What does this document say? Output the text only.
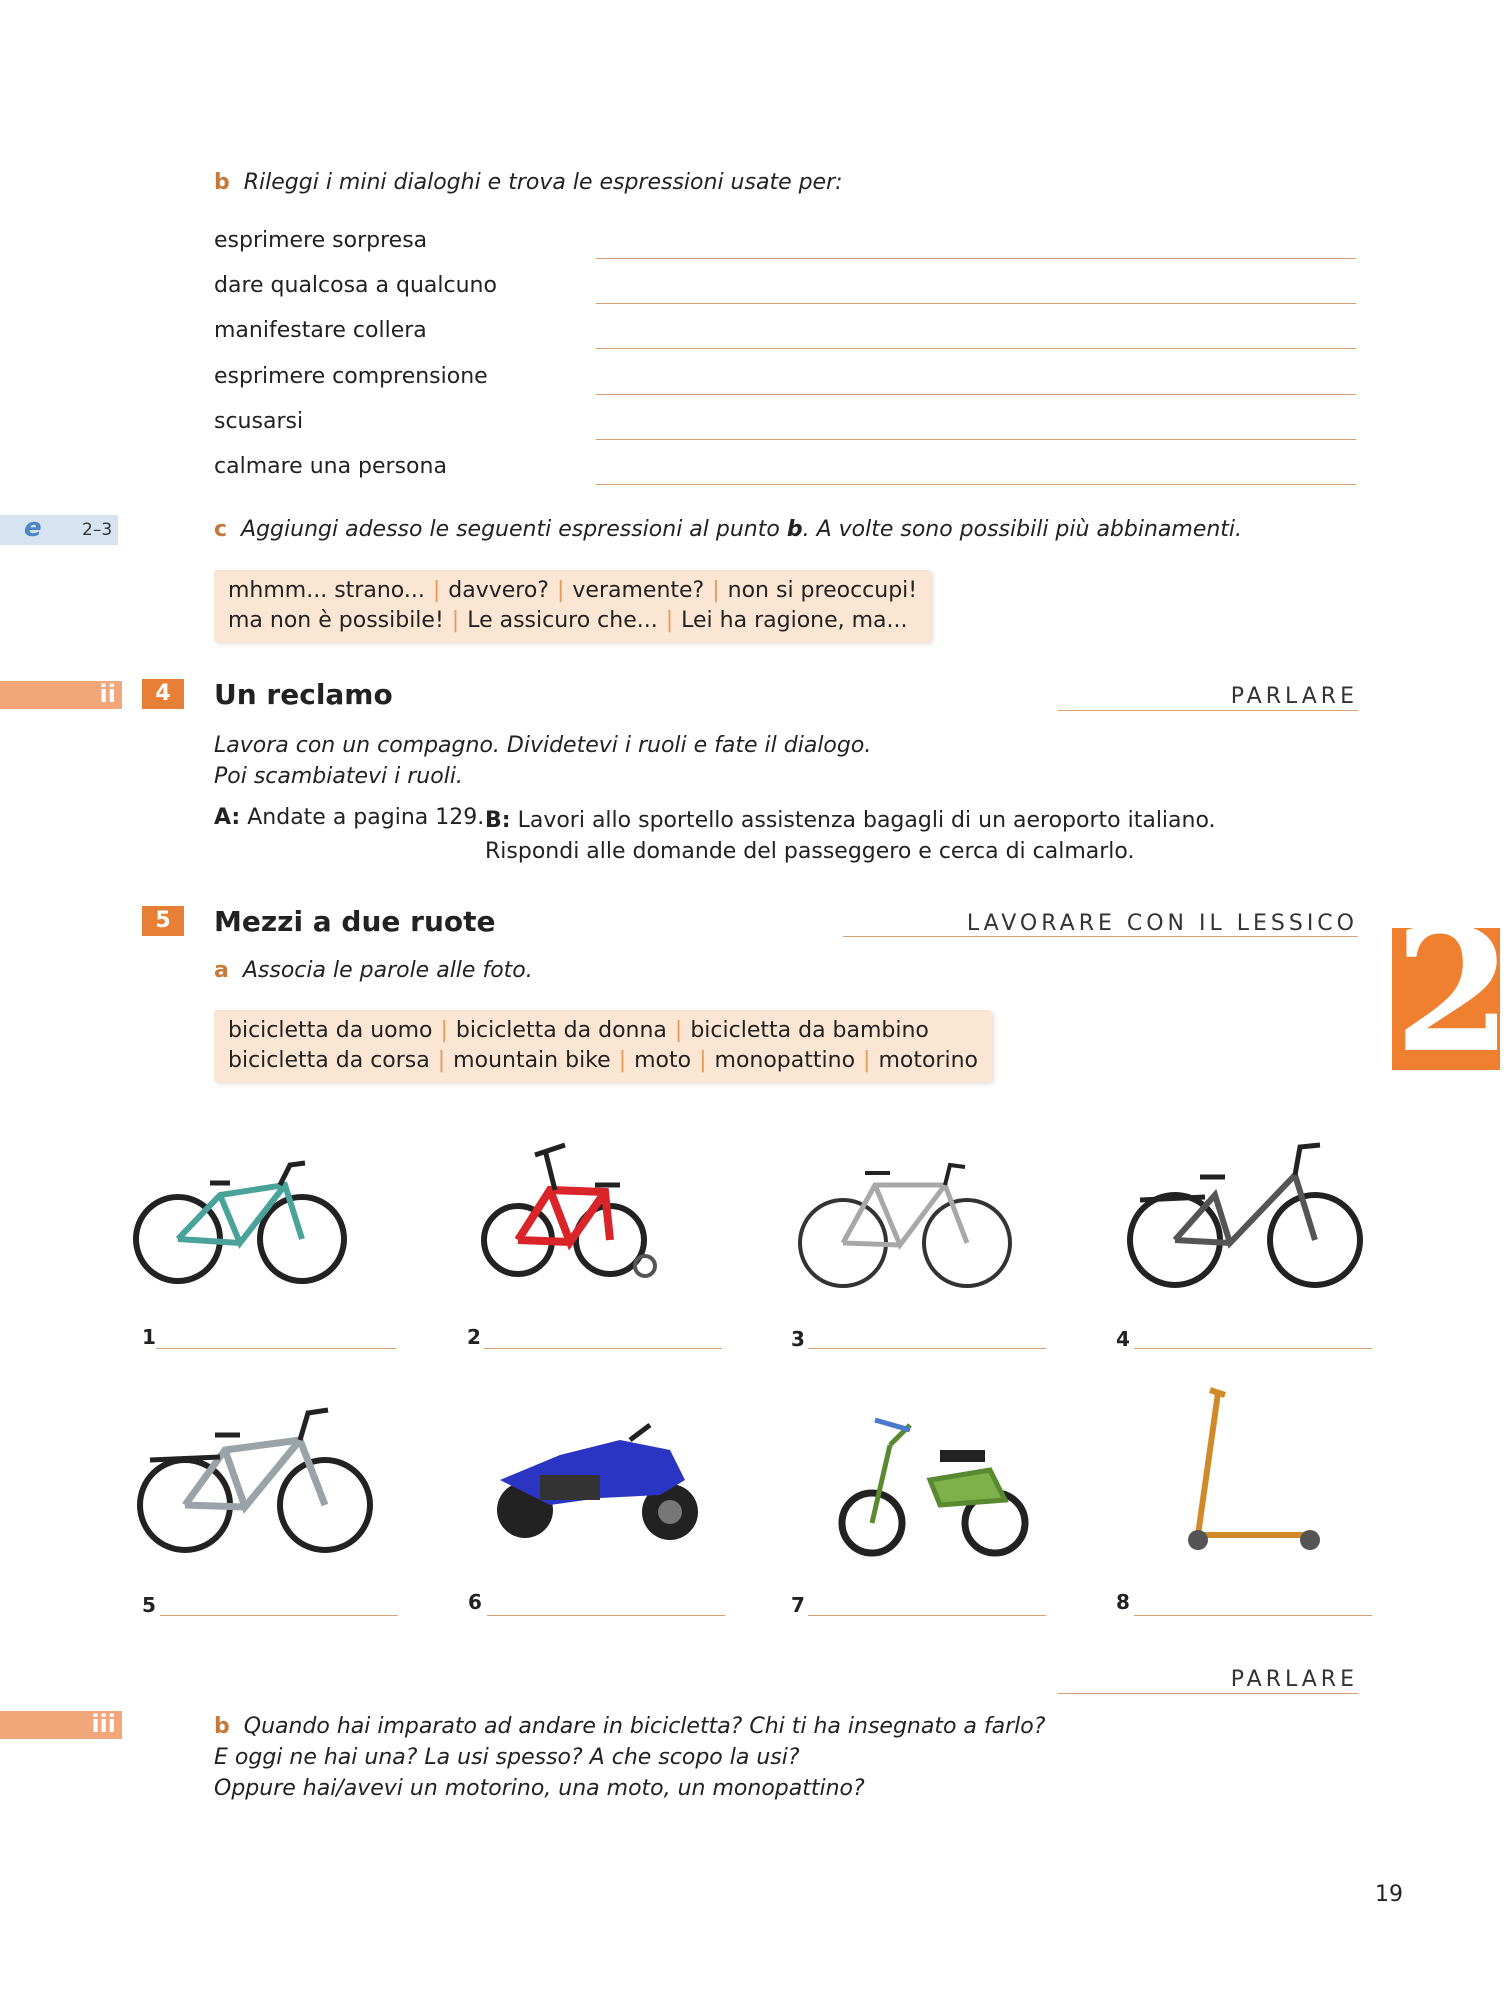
b Rileggi i mini dialoghi e trova le espressioni usate per:
esprimere sorpresa
dare qualcosa a qualcuno
manifestare collera
esprimere comprensione
scusarsi
calmare una persona
e 2–3	c Aggiungi adesso le seguenti espressioni al punto b. A volte sono possibili più abbinamenti.
mhmm... strano... | davvero? | veramente? | non si preoccupi!
ma non è possibile! | Le assicuro che... | Lei ha ragione, ma...
ii	4	Un reclamo	PARLARE
Lavora con un compagno. Dividetevi i ruoli e fate il dialogo.
Poi scambiatevi i ruoli.
A: Andate a pagina 129. B: Lavori allo sportello assistenza bagagli di un aeroporto italiano.
Rispondi alle domande del passeggero e cerca di calmarlo.
5	Mezzi a due ruote	LAVORARE CON IL LESSICO 2
a Associa le parole alle foto.
bicicletta da uomo | bicicletta da donna | bicicletta da bambino
bicicletta da corsa | mountain bike | moto | monopattino | motorino
1	2	3	4
5	6	7	8
PARLARE
iii	b Quando hai imparato ad andare in bicicletta? Chi ti ha insegnato a farlo?
E oggi ne hai una? La usi spesso? A che scopo la usi?
Oppure hai/avevi un motorino, una moto, un monopattino?
19
